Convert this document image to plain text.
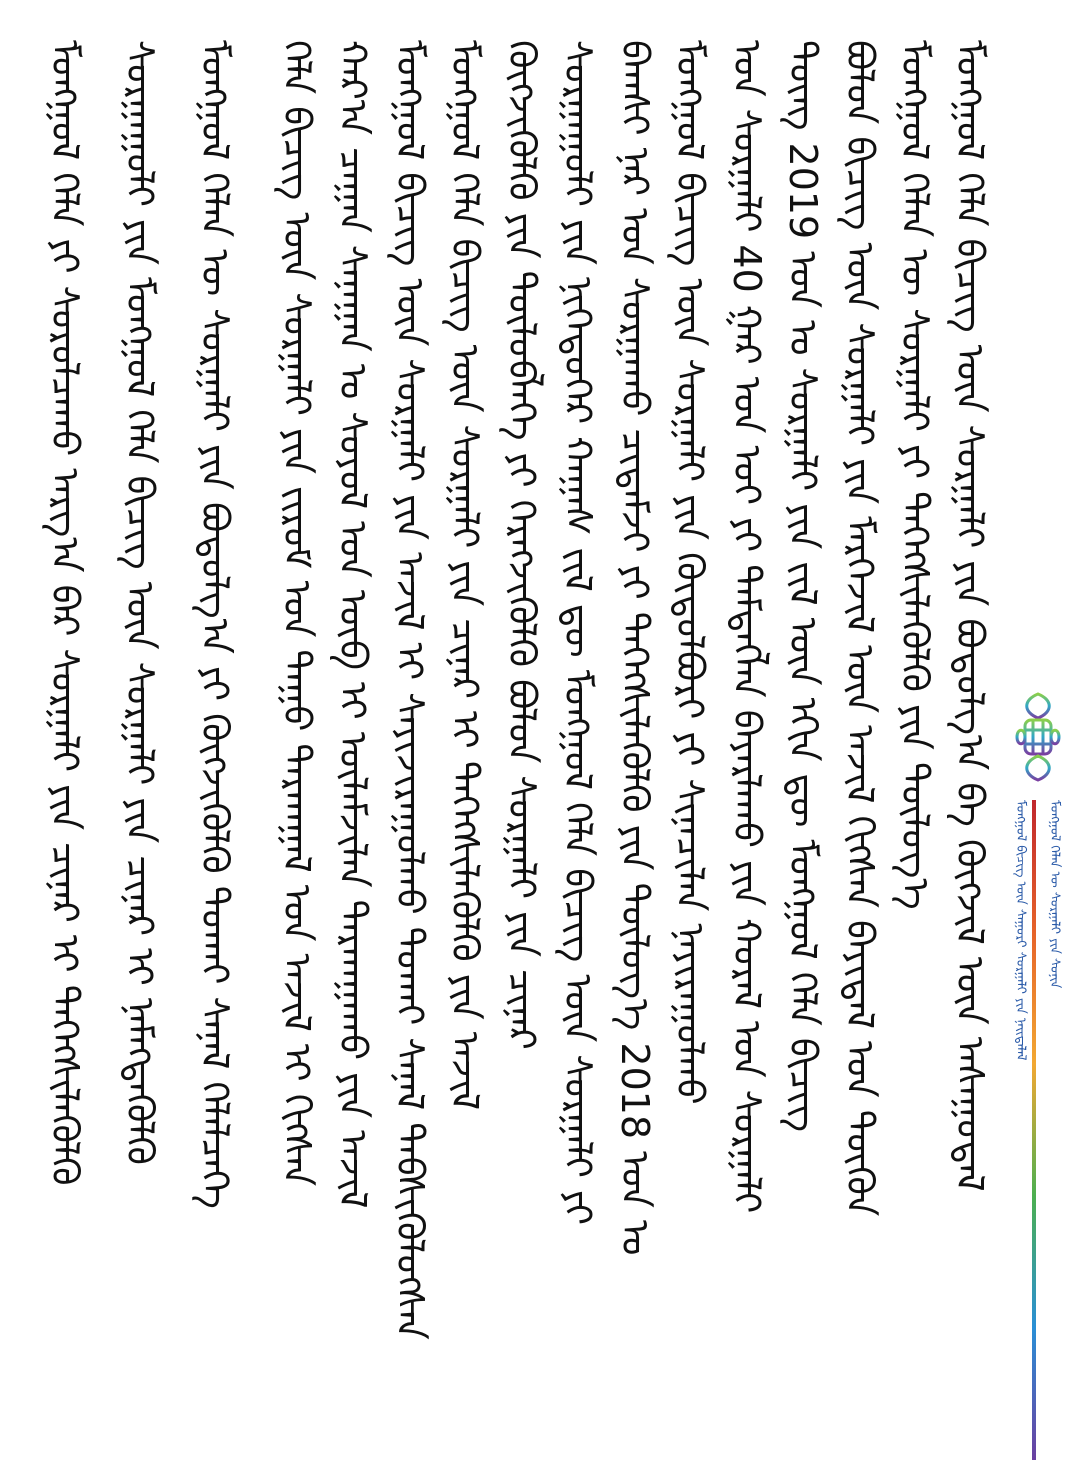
ᠮᠣᠩᠭᠣᠯ ᠬᠡᠯᠡᠨ ᠦ ᠰᠤᠷᠭᠠᠯᠢ ᠶᠢᠨ ᠰᠣᠨᠢᠨ
ᠮᠣᠩᠭᠣᠯ ᠪᠢᠴᠢᠭ ᠦᠨ ᠰᠠᠭᠤᠷᠢ ᠰᠤᠷᠭᠠᠯᠢ ᠶᠢᠨ ᠨᠡᠢᠲᠡᠯᠡᠯ
ᠮᠣᠩᠭᠣᠯ ᠬᠡᠯᠡ ᠪᠢᠴᠢᠭ ᠦᠨ ᠰᠤᠷᠭᠠᠯᠢ ᠶᠢᠨ ᠪᠣᠳᠣᠯᠭ᠎ᠠ ᠪᠠ ᠬᠥᠭᠵᠢᠯ ᠦᠨ ᠠᠰᠠᠭᠤᠳᠠᠯ
ᠮᠣᠩᠭᠣᠯ ᠬᠡᠯᠡᠨ ᠦ ᠰᠤᠷᠭᠠᠯᠢ ᠶᠢ ᠳᠡᠭᠡᠭᠰᠢᠯᠡᠭᠦᠯᠬᠦ ᠶᠢᠨ ᠲᠥᠯᠥᠭ᠎ᠡ
ᠪᠣᠯᠣᠨ ᠪᠢᠴᠢᠭ ᠦᠨ ᠰᠤᠷᠭᠠᠯᠢ ᠶᠢᠨ ᠮᠡᠷᠭᠡᠵᠢᠯ ᠦᠨ ᠠᠵᠢᠯ ᠬᠢᠭᠰᠡᠨ ᠪᠠᠶᠢᠳᠠᠯ ᠤᠨ ᠳᠦᠭᠦᠨ
ᠳᠦᠩ 2019 ᠣᠨ ᠤ ᠰᠤᠷᠭᠠᠯᠢ ᠶᠢᠨ ᠵᠢᠯ ᠦᠨ ᠡᠬᠢᠨ ᠳᠦ ᠮᠣᠩᠭᠣᠯ ᠬᠡᠯᠡ ᠪᠢᠴᠢᠭ
ᠤᠨ ᠰᠤᠷᠭᠠᠯᠢ 40 ᠭᠠᠷ ᠤᠨ ᠣᠢ ᠶᠢ ᠲᠡᠮᠳᠡᠭᠯᠡᠨ ᠪᠠᠶᠠᠷᠯᠠᠬᠤ ᠶᠢᠨ ᠬᠤᠷᠠᠯ ᠤᠨ ᠰᠤᠷᠭᠠᠯᠢ
ᠮᠣᠩᠭᠣᠯ ᠪᠢᠴᠢᠭ ᠦᠨ ᠰᠤᠷᠭᠠᠯᠢ ᠶᠢᠨ ᠬᠥᠲᠦᠯᠪᠦᠷᠢ ᠶᠢ ᠰᠢᠨᠡᠴᠢᠯᠡᠨ ᠨᠠᠶᠢᠷᠠᠭᠤᠯᠬᠤ
ᠪᠠᠭᠰᠢ ᠨᠠᠷ ᠤᠨ ᠰᠤᠷᠭᠠᠬᠤ ᠴᠢᠳᠠᠮᠵᠢ ᠶᠢ ᠳᠡᠭᠡᠭᠰᠢᠯᠡᠭᠦᠯᠬᠦ ᠶᠢᠨ ᠲᠥᠯᠥᠭ᠎ᠡ 2018 ᠣᠨ ᠤ
ᠰᠤᠷᠭᠠᠭᠤᠯᠢ ᠶᠢᠨ ᠨᠢᠭᠡᠳᠦᠭᠡᠷ ᠬᠠᠭᠠᠰ ᠵᠢᠯ ᠳᠦ ᠮᠣᠩᠭᠣᠯ ᠬᠡᠯᠡ ᠪᠢᠴᠢᠭ ᠦᠨ ᠰᠤᠷᠭᠠᠯᠢ ᠶᠢ
ᠬᠥᠭᠵᠢᠭᠦᠯᠬᠦ ᠶᠢᠨ ᠲᠥᠯᠥᠪᠯᠡᠭᠡ ᠶᠢ ᠬᠡᠷᠡᠭᠵᠢᠭᠦᠯᠬᠦ ᠪᠣᠯᠣᠨ ᠰᠤᠷᠭᠠᠯᠢ ᠶᠢᠨ ᠴᠢᠨᠠᠷ
ᠮᠣᠩᠭᠣᠯ ᠬᠡᠯᠡ ᠪᠢᠴᠢᠭ ᠦᠨ ᠰᠤᠷᠭᠠᠯᠢ ᠶᠢᠨ ᠴᠢᠨᠠᠷ ᠢ ᠳᠡᠭᠡᠭᠰᠢᠯᠡᠭᠦᠯᠬᠦ ᠶᠢᠨ ᠠᠵᠢᠯ
ᠮᠣᠩᠭᠣᠯ ᠪᠢᠴᠢᠭ ᠦᠨ ᠰᠤᠷᠭᠠᠯᠢ ᠶᠢᠨ ᠠᠵᠢᠯ ᠢ ᠰᠠᠶᠢᠵᠢᠷᠠᠭᠤᠯᠬᠤ ᠲᠤᠬᠠᠢ ᠰᠠᠨᠠᠯ ᠳᠡᠪᠰᠢᠭᠦᠯᠦᠭᠰᠡᠨ
ᠬᠠᠷ᠎ᠠ ᠴᠠᠭᠠᠨ ᠰᠠᠨᠠᠭᠠᠨ ᠤ ᠰᠣᠶᠣᠯ ᠤᠨ ᠥᠪ ᠢ ᠦᠯᠡᠮᠵᠢᠯᠡᠨ ᠲᠠᠷᠬᠠᠭᠠᠬᠤ ᠶᠢᠨ ᠠᠵᠢᠯ
ᠬᠡᠯᠡ ᠪᠢᠴᠢᠭ ᠦᠨ ᠰᠤᠷᠭᠠᠯᠢ ᠶᠢᠨ ᠵᠢᠷᠤᠮ ᠤᠨ ᠳᠠᠭᠤ ᠲᠠᠷᠬᠠᠭᠠᠯ ᠤᠨ ᠠᠵᠢᠯ ᠢ ᠬᠢᠭᠰᠡᠨ
ᠮᠣᠩᠭᠣᠯ ᠬᠡᠯᠡᠨ ᠦ ᠰᠤᠷᠭᠠᠯᠢ ᠶᠢᠨ ᠪᠣᠳᠣᠯᠭ᠎ᠠ ᠶᠢ ᠬᠥᠭᠵᠢᠭᠦᠯᠬᠦ ᠲᠤᠬᠠᠢ ᠰᠠᠨᠠᠯ ᠬᠡᠯᠡᠯᠴᠡᠭᠡ
ᠰᠤᠷᠭᠠᠭᠤᠯᠢ ᠶᠢᠨ ᠮᠣᠩᠭᠣᠯ ᠬᠡᠯᠡ ᠪᠢᠴᠢᠭ ᠦᠨ ᠰᠤᠷᠭᠠᠯᠢ ᠶᠢᠨ ᠴᠢᠨᠠᠷ ᠢ ᠨᠡᠮᠡᠭᠳᠡᠭᠦᠯᠬᠦ
ᠮᠣᠩᠭᠣᠯ ᠬᠡᠯᠡ ᠶᠢ ᠰᠤᠷᠤᠯᠴᠠᠬᠤ ᠠᠷᠭ᠎ᠠ ᠪᠠᠷ ᠰᠤᠷᠭᠠᠯᠢ ᠶᠢᠨ ᠴᠢᠨᠠᠷ ᠢ ᠳᠡᠭᠡᠭᠰᠢᠯᠡᠭᠦᠯᠬᠦ
